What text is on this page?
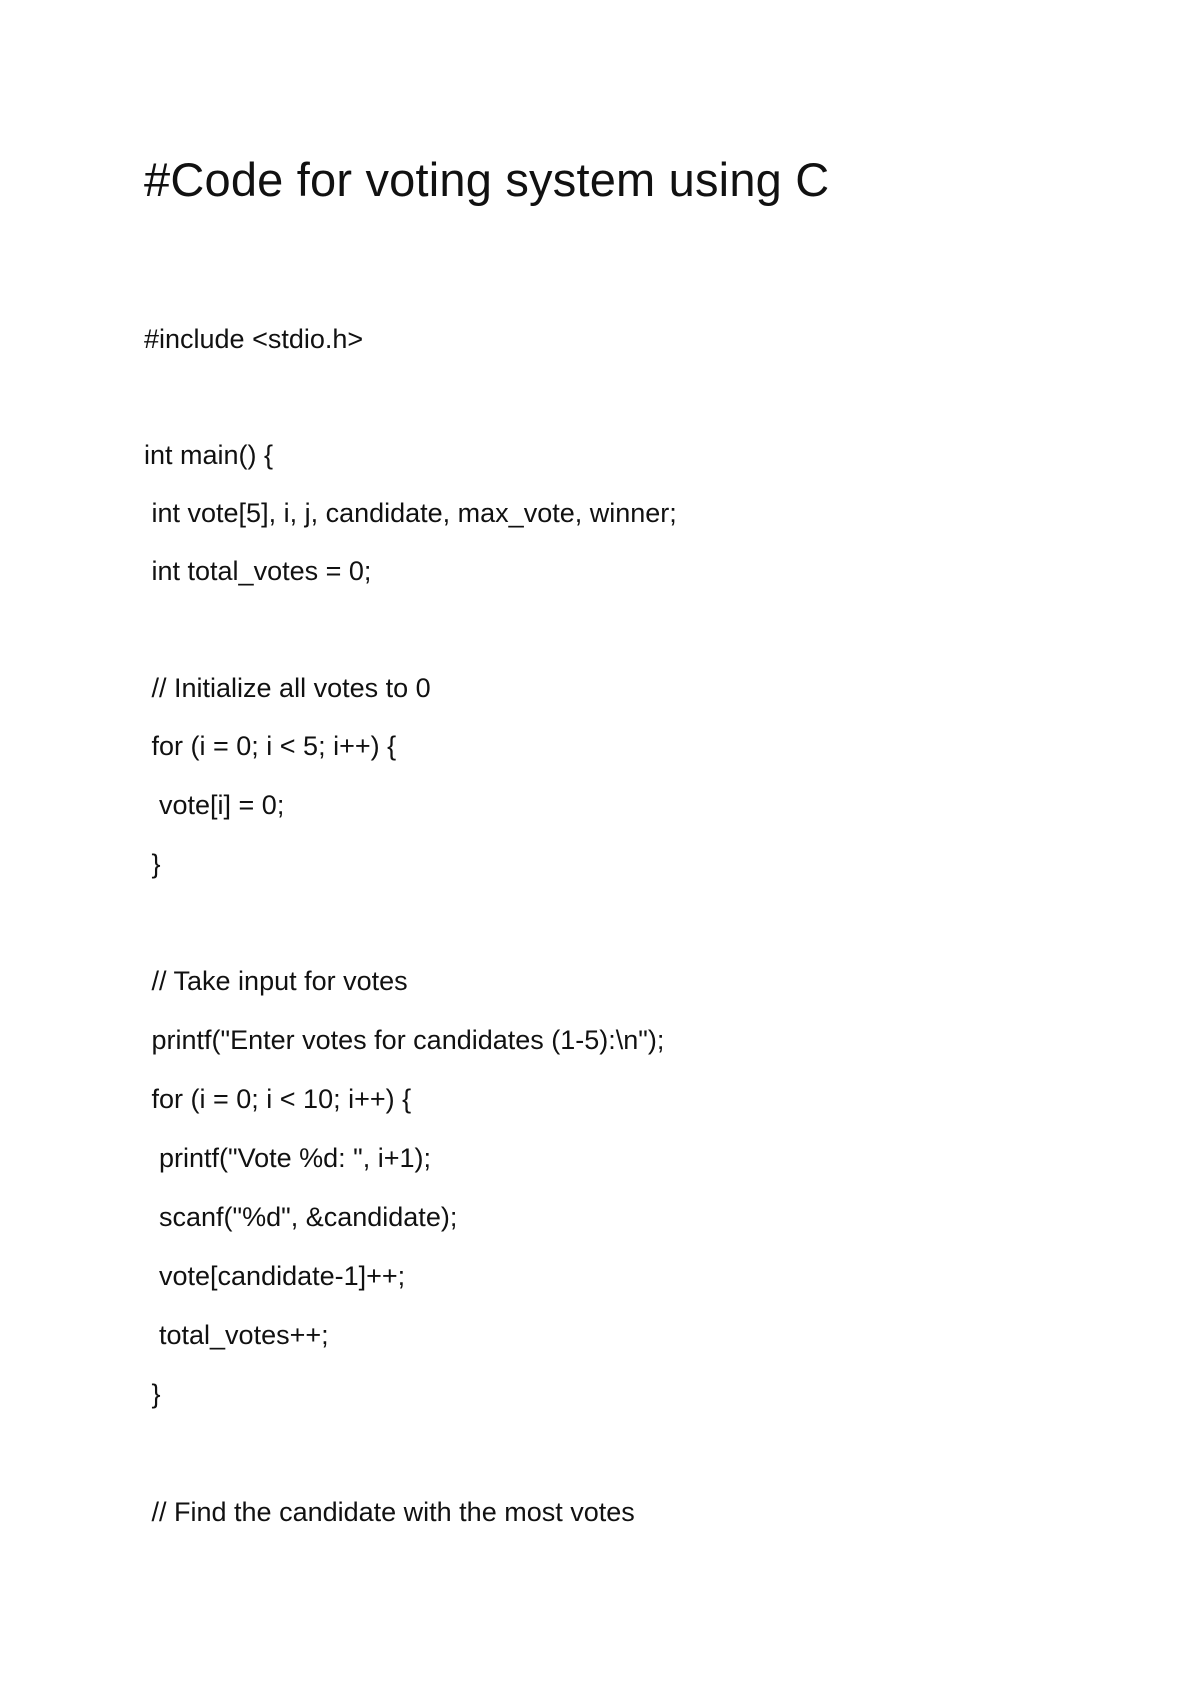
#Code for voting system using C
#include <stdio.h>
int main() {
int vote[5], i, j, candidate, max_vote, winner;
int total_votes = 0;
// Initialize all votes to 0
for (i = 0; i < 5; i++) {
vote[i] = 0;
}
// Take input for votes
printf("Enter votes for candidates (1-5):\n");
for (i = 0; i < 10; i++) {
printf("Vote %d: ", i+1);
scanf("%d", &candidate);
vote[candidate-1]++;
total_votes++;
}
// Find the candidate with the most votes
